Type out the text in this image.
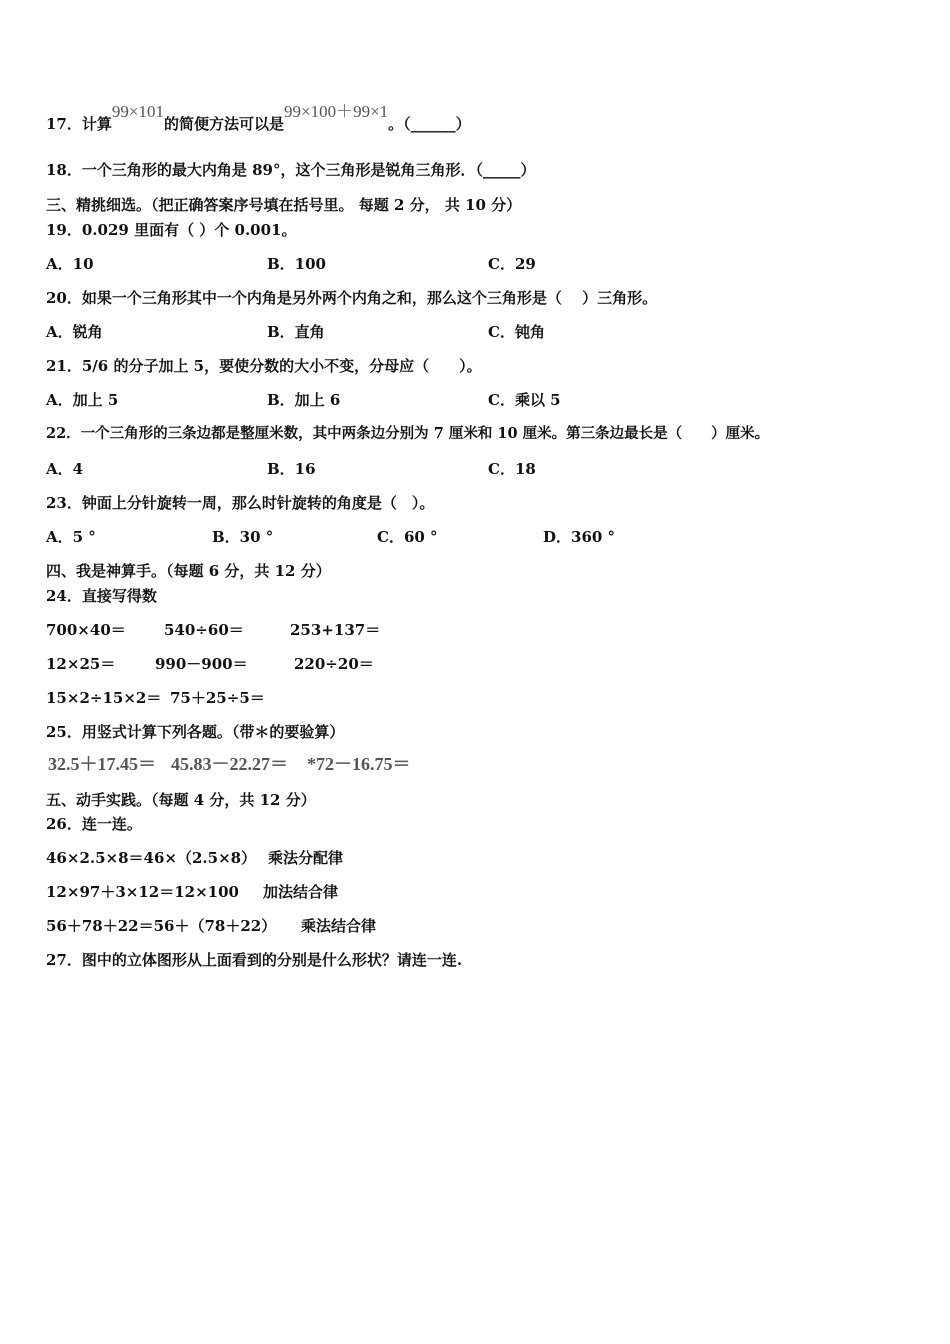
17．计算99×101的简便方法可以是99×100＋99×1。（______）
18．一个三角形的最大内角是 89°，这个三角形是锐角三角形．（_____）
三、精挑细选。（把正确答案序号填在括号里。 每题 2 分， 共 10 分）
19．0.029 里面有（ ）个 0.001。
A．10	B．100	C．29
20．如果一个三角形其中一个内角是另外两个内角之和，那么这个三角形是（　 ）三角形。
A．锐角	B．直角	C．钝角
21．5/6 的分子加上 5，要使分数的大小不变，分母应（　　）。
A．加上 5	B．加上 6	C．乘以 5
22．一个三角形的三条边都是整厘米数，其中两条边分别为 7 厘米和 10 厘米。第三条边最长是（　　）厘米。
A．4	B．16	C．18
23．钟面上分针旋转一周，那么时针旋转的角度是（　）。
A．5 °	B．30 °	C．60 °	D．360 °
四、我是神算手。（每题 6 分，共 12 分）
24．直接写得数
700×40＝	540÷60＝	253+137＝
12×25＝	990－900＝	220÷20＝
15×2÷15×2＝ 75＋25÷5＝
25．用竖式计算下列各题。（带＊的要验算）
32.5＋17.45＝ 45.83－22.27＝ *72－16.75＝
五、动手实践。（每题 4 分，共 12 分）
26．连一连。
46×2.5×8＝46×（2.5×8） 乘法分配律
12×97＋3×12＝12×100 加法结合律
56＋78＋22＝56＋（78＋22） 乘法结合律
27．图中的立体图形从上面看到的分别是什么形状？请连一连.
